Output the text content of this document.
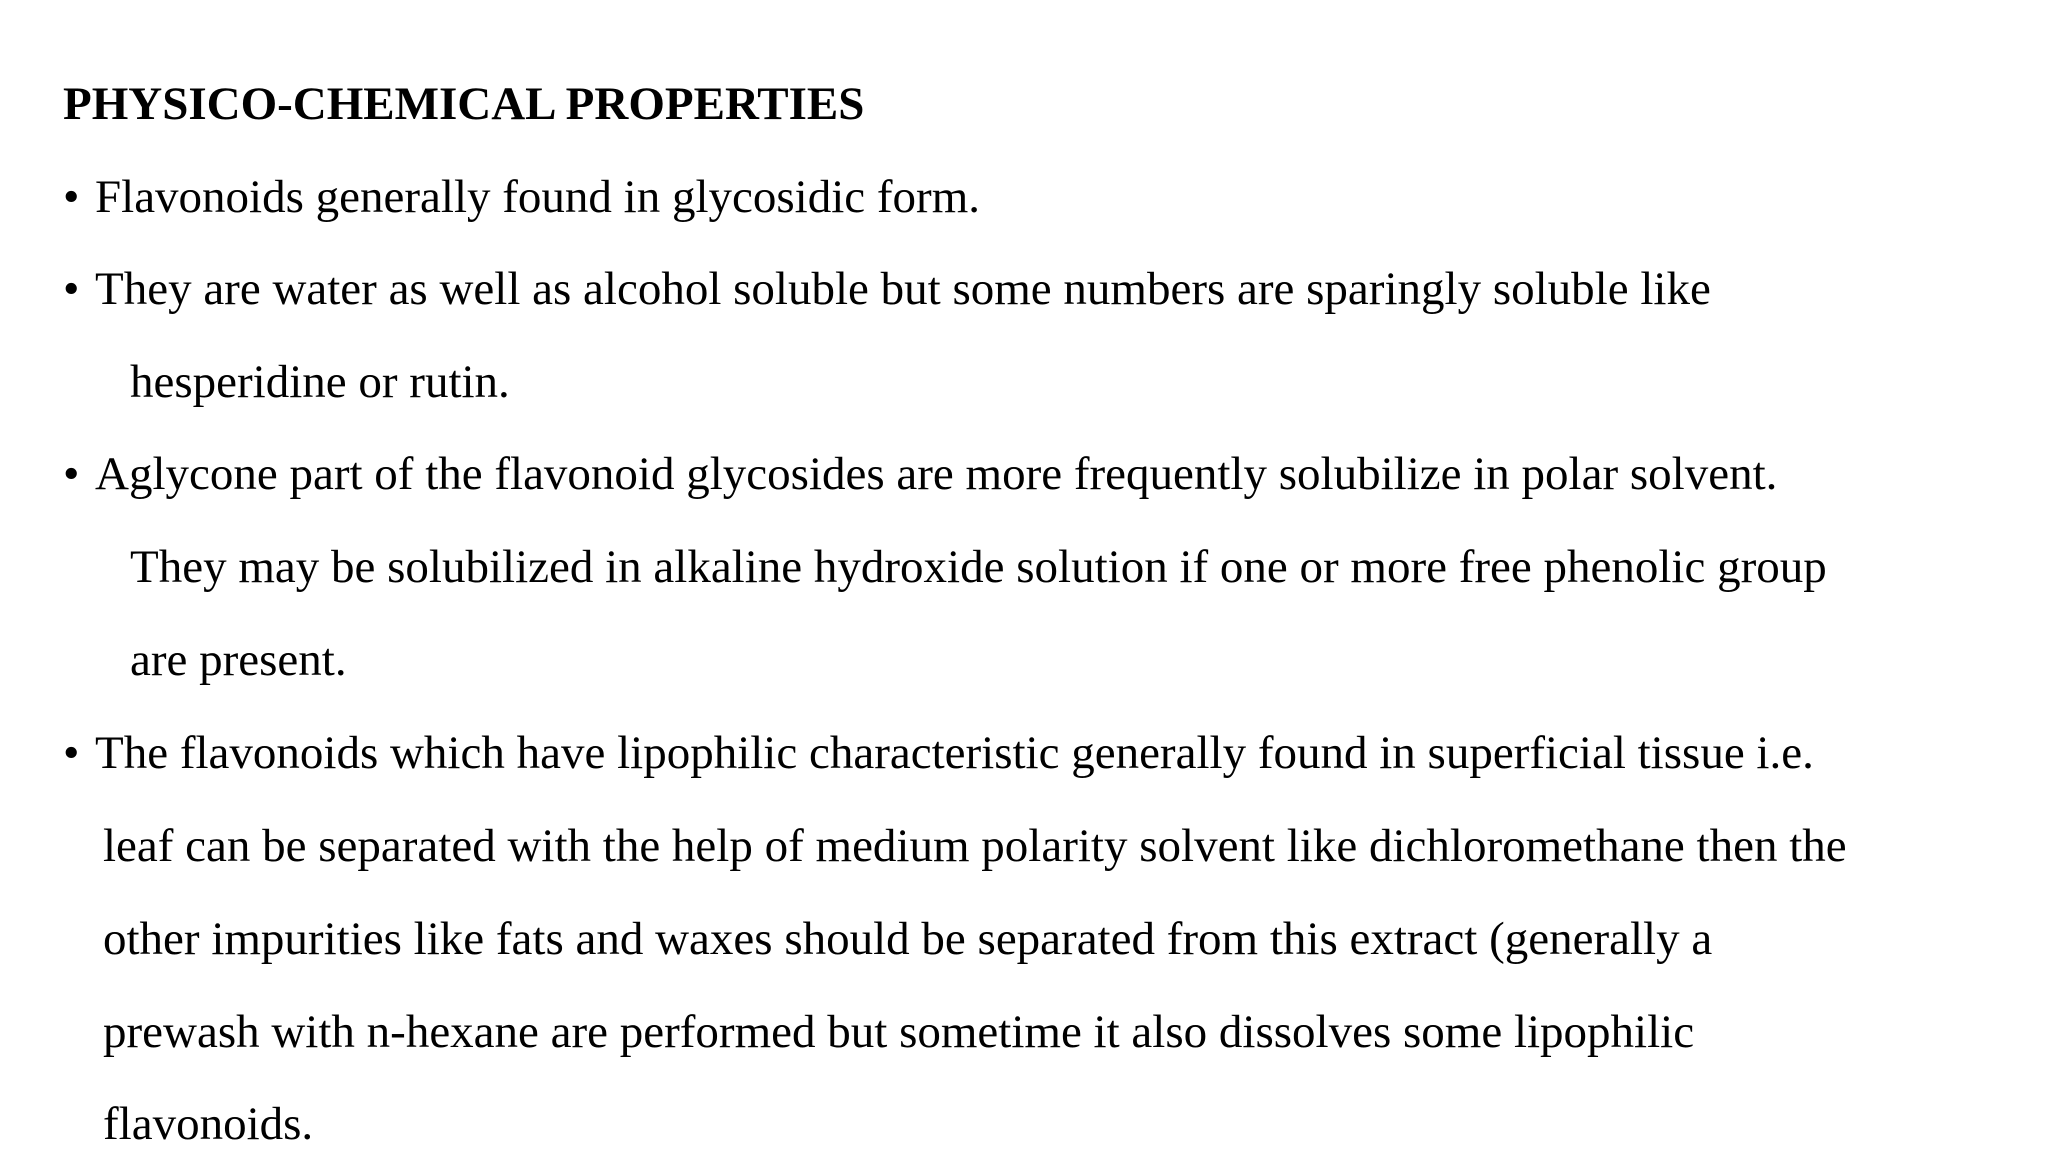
PHYSICO-CHEMICAL PROPERTIES
• Flavonoids generally found in glycosidic form.
• They are water as well as alcohol soluble but some numbers are sparingly soluble like
hesperidine or rutin.
• Aglycone part of the flavonoid glycosides are more frequently solubilize in polar solvent.
They may be solubilized in alkaline hydroxide solution if one or more free phenolic group
are present.
• The flavonoids which have lipophilic characteristic generally found in superficial tissue i.e.
leaf can be separated with the help of medium polarity solvent like dichloromethane then the
other impurities like fats and waxes should be separated from this extract (generally a
prewash with n-hexane are performed but sometime it also dissolves some lipophilic
flavonoids.
